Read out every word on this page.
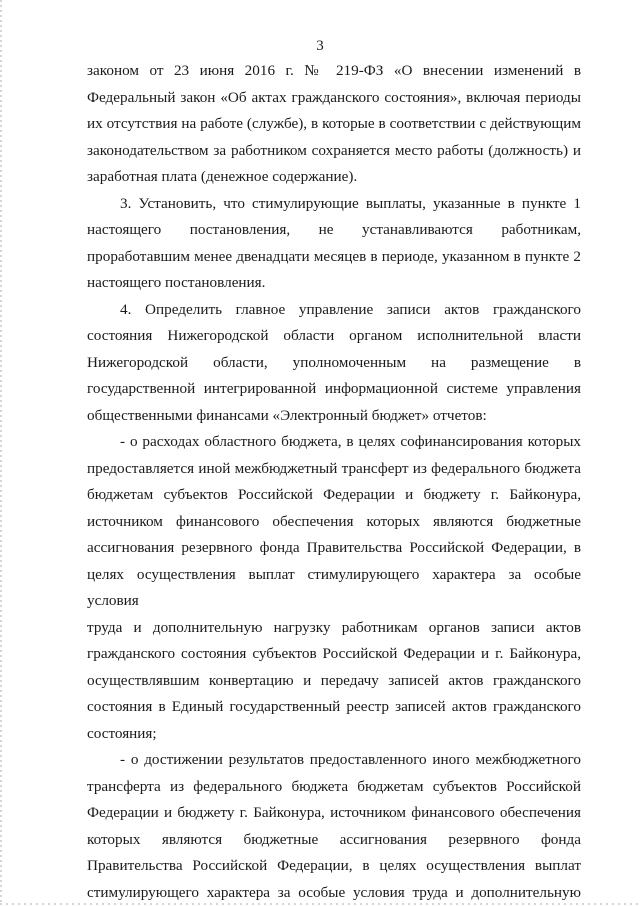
3

законом от 23 июня 2016 г. № 219-ФЗ «О внесении изменений в
Федеральный закон «Об актах гражданского состояния», включая периоды
их отсутствия на работе (службе), в которые в соответствии с действующим
законодательством за работником сохраняется место работы (должность) и
заработная плата (денежное содержание).

3. Установить, что стимулирующие выплаты, указанные в пункте 1
настоящего постановления, не устанавливаются работникам,
проработавшим менее двенадцати месяцев в периоде, указанном в пункте 2
настоящего постановления.

4. Определить главное управление записи актов гражданского
состояния Нижегородской области органом исполнительной власти
Нижегородской области, уполномоченным на размещение в
государственной интегрированной информационной системе управления
общественными финансами «Электронный бюджет» отчетов:

- о расходах областного бюджета, в целях софинансирования которых
предоставляется иной межбюджетный трансферт из федерального бюджета
бюджетам субъектов Российской Федерации и бюджету г. Байконура,
источником финансового обеспечения которых являются бюджетные
ассигнования резервного фонда Правительства Российской Федерации, в
целях осуществления выплат стимулирующего характера за особые условия
труда и дополнительную нагрузку работникам органов записи актов
гражданского состояния субъектов Российской Федерации и г. Байконура,
осуществлявшим конвертацию и передачу записей актов гражданского
состояния в Единый государственный реестр записей актов гражданского
состояния;

- о достижении результатов предоставленного иного межбюджетного
трансферта из федерального бюджета бюджетам субъектов Российской
Федерации и бюджету г. Байконура, источником финансового обеспечения
которых являются бюджетные ассигнования резервного фонда
Правительства Российской Федерации, в целях осуществления выплат
стимулирующего характера за особые условия труда и дополнительную
